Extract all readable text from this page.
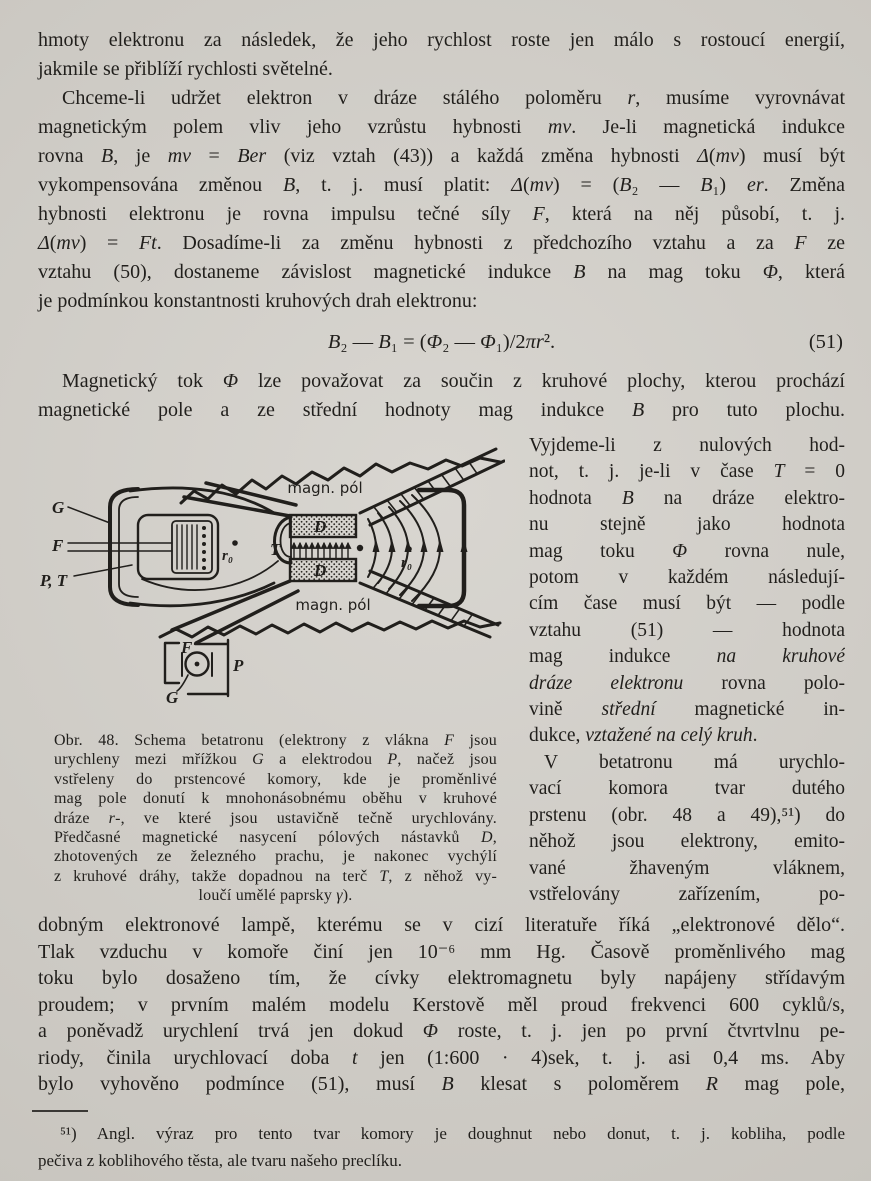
hmoty elektronu za následek, že jeho rychlost roste jen málo s rostoucí energií,
jakmile se přiblíží rychlosti světelné.
Chceme-li udržet elektron v dráze stálého poloměru r, musíme vyrovnávat
magnetickým polem vliv jeho vzrůstu hybnosti mv. Je-li magnetická indukce
rovna B, je mv = Ber (viz vztah (43)) a každá změna hybnosti Δ(mv) musí být
vykompensována změnou B, t. j. musí platit: Δ(mv) = (B₂ — B₁) er. Změna
hybnosti elektronu je rovna impulsu tečné síly F, která na něj působí, t. j.
Δ(mv) = Ft. Dosadíme-li za změnu hybnosti z předchozího vztahu a za F ze
vztahu (50), dostaneme závislost magnetické indukce B na mag toku Φ, která
je podmínkou konstantnosti kruhových drah elektronu:
B₂ — B₁ = (Φ₂ — Φ₁)/2πr².	(51)
Magnetický tok Φ lze považovat za součin z kruhové plochy, kterou prochází
magnetické pole a ze střední hodnoty mag indukce B pro tuto plochu.
D
D
G
F
P, T
T
magn. pól
magn. pól
r₀	r₀
F
P
G
Obr. 48. Schema betatronu (elektrony z vlákna F jsou
urychleny mezi mřížkou G a elektrodou P, načež jsou
vstřeleny do prstencové komory, kde je proměnlivé
mag pole donutí k mnohonásobnému oběhu v kruhové
dráze r-, ve které jsou ustavičně tečně urychlovány.
Předčasné magnetické nasycení pólových nástavků D,
zhotovených ze železného prachu, je nakonec vychýlí
z kruhové dráhy, takže dopadnou na terč T, z něhož vy-
loučí umělé paprsky γ).
Vyjdeme-li z nulových hod-
not, t. j. je-li v čase T = 0
hodnota B na dráze elektro-
nu stejně jako hodnota
mag toku Φ rovna nule,
potom v každém následují-
cím čase musí být — podle
vztahu (51) — hodnota
mag indukce na kruhové
dráze elektronu rovna polo-
vině střední magnetické in-
dukce, vztažené na celý kruh.
V betatronu má urychlo-
vací komora tvar dutého
prstenu (obr. 48 a 49),⁵¹) do
něhož jsou elektrony, emito-
vané žhaveným vláknem,
vstřelovány zařízením, po-
dobným elektronové lampě, kterému se v cizí literatuře říká „elektronové dělo“.
Tlak vzduchu v komoře činí jen 10⁻⁶ mm Hg. Časově proměnlivého mag
toku bylo dosaženo tím, že cívky elektromagnetu byly napájeny střídavým
proudem; v prvním malém modelu Kerstově měl proud frekvenci 600 cyklů/s,
a poněvadž urychlení trvá jen dokud Φ roste, t. j. jen po první čtvrtvlnu pe-
riody, činila urychlovací doba t jen (1:600 · 4)sek, t. j. asi 0,4 ms. Aby
bylo vyhověno podmínce (51), musí B klesat s poloměrem R mag pole,
⁵¹) Angl. výraz pro tento tvar komory je doughnut nebo donut, t. j. kobliha, podle
pečiva z koblihového těsta, ale tvaru našeho preclíku.
